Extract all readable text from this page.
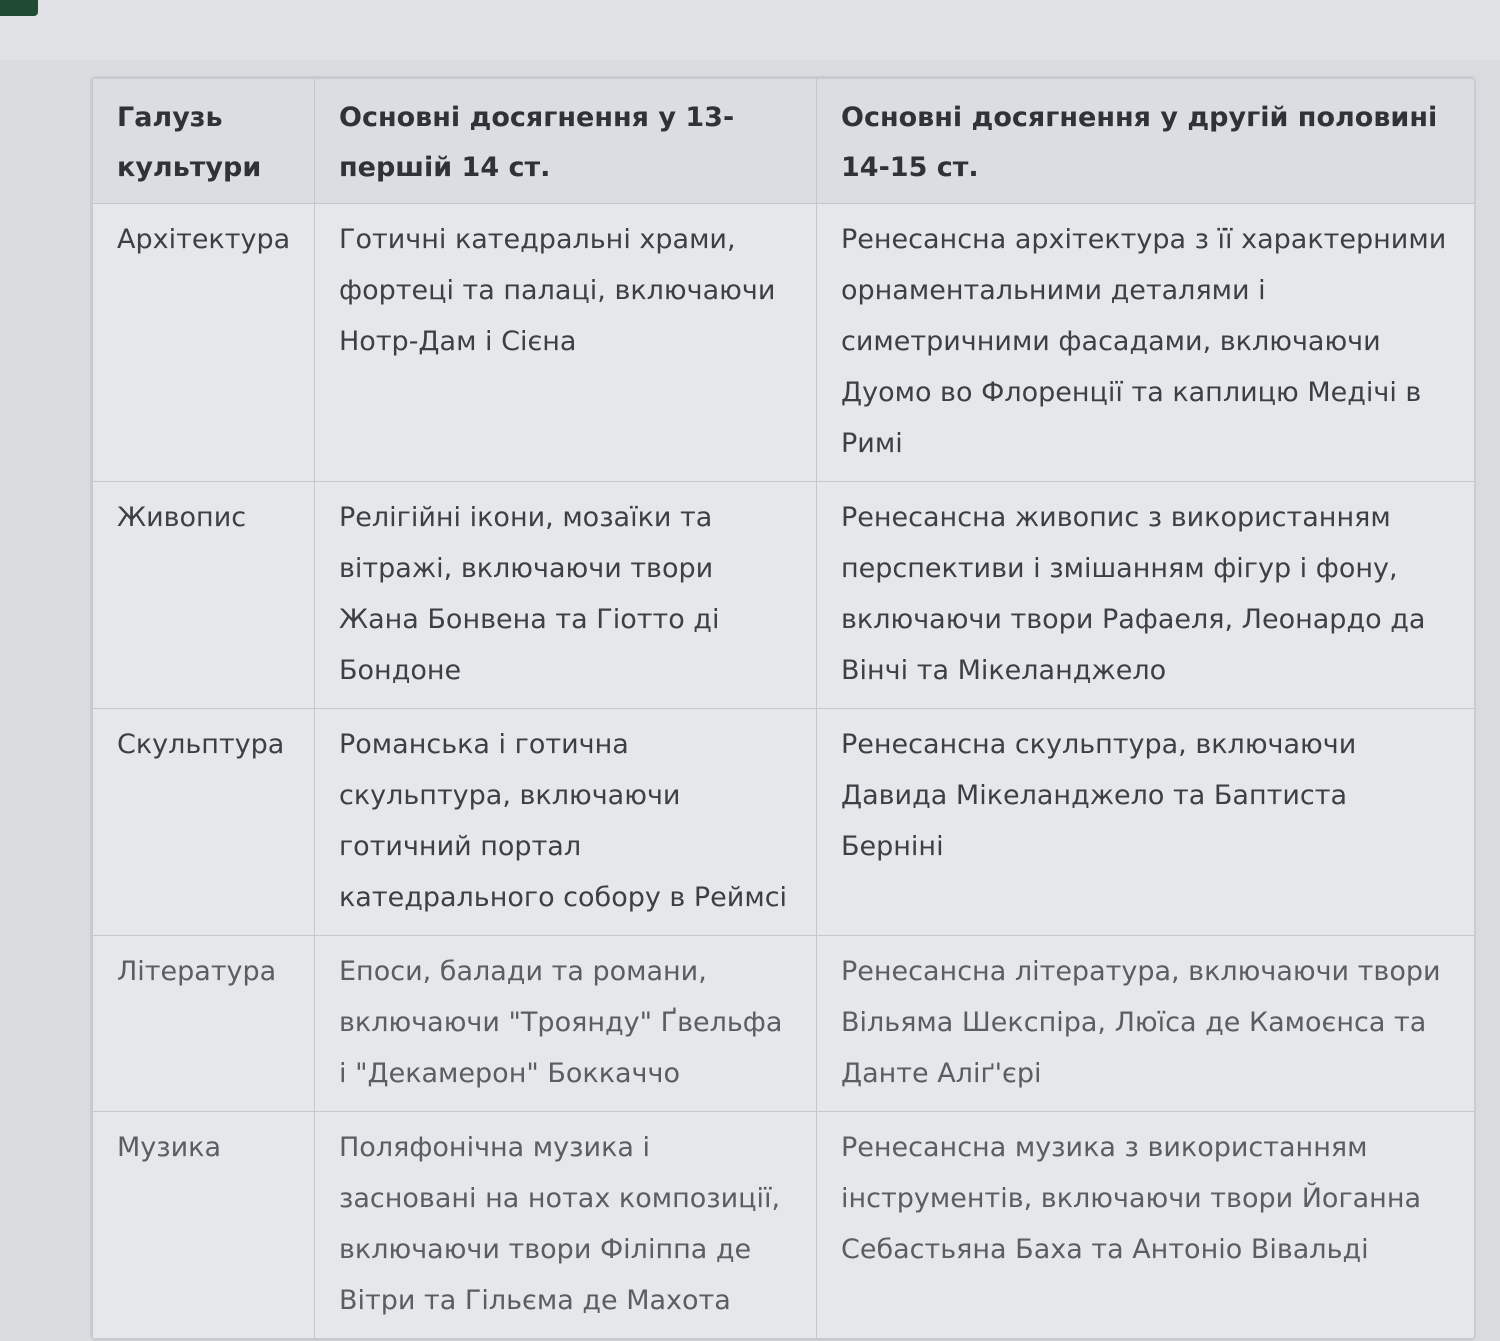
Галузь культури	Основні досягнення у 13-першій 14 ст.	Основні досягнення у другій половині 14-15 ст.
Архітектура	Готичні катедральні храми, фортеці та палаці, включаючи Нотр-Дам і Сієна	Ренесансна архітектура з її характерними орнаментальними деталями і симетричними фасадами, включаючи Дуомо во Флоренції та каплицю Медічі в Римі
Живопис	Релігійні ікони, мозаїки та вітражі, включаючи твори Жана Бонвена та Гіотто ді Бондоне	Ренесансна живопис з використанням перспективи і змішанням фігур і фону, включаючи твори Рафаеля, Леонардо да Вінчі та Мікеланджело
Скульптура	Романська і готична скульптура, включаючи готичний портал катедрального собору в Реймсі	Ренесансна скульптура, включаючи Давида Мікеланджело та Баптиста Берніні
Література	Епоси, балади та романи, включаючи "Трояндy" Ґвельфа і "Декамерон" Боккаччо	Ренесансна література, включаючи твори Вільяма Шекспіра, Люїса де Камоєнса та Данте Аліґ'єрі
Музика	Поляфонічна музика і засновані на нотах композиції, включаючи твори Філіппа де Вітри та Гільєма де Махота	Ренесансна музика з використанням інструментів, включаючи твори Йоганна Себастьяна Баха та Антоніо Вівальді
